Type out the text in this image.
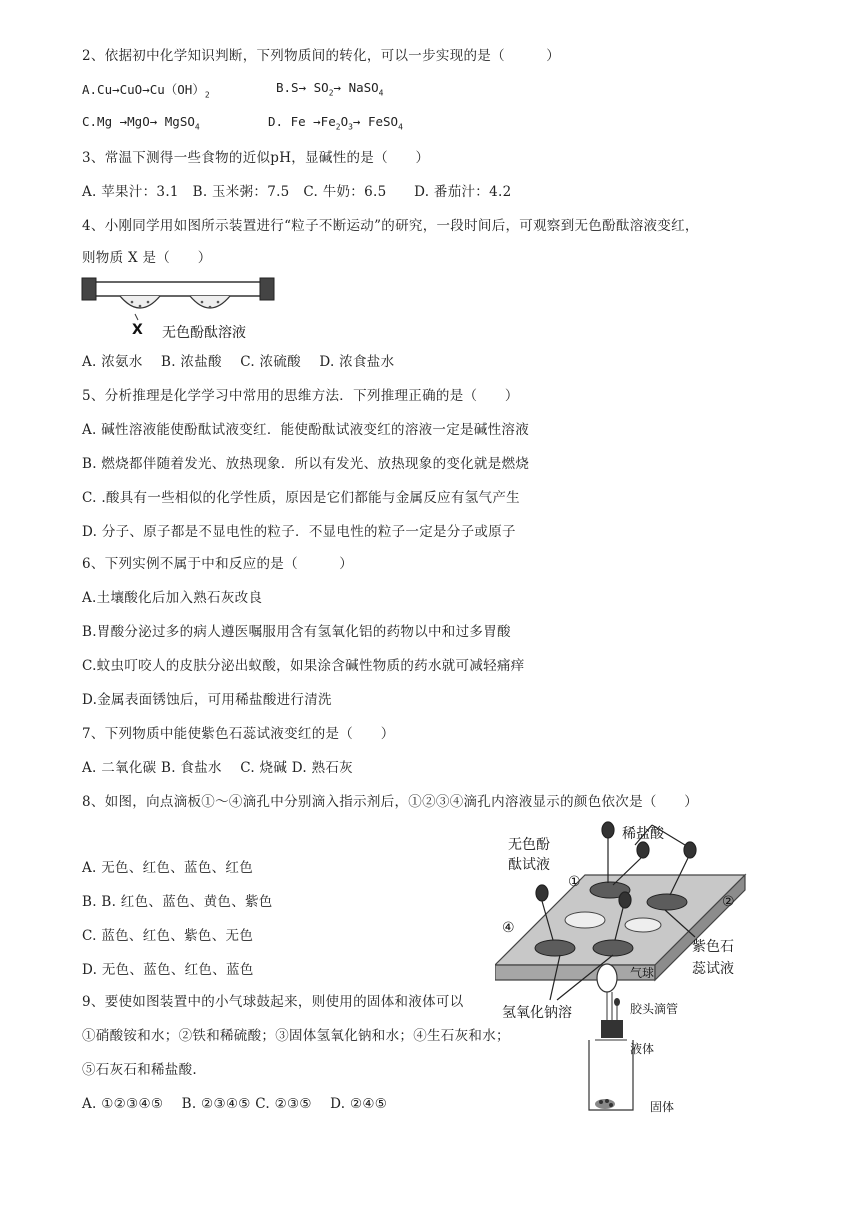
2、依据初中化学知识判断，下列物质间的转化，可以一步实现的是（　　　）
$A.Cu\to CuO\to Cu(OH)_2$	$B.S\to SO_2\to$ NaSO$_4$
C.Mg →MgO→ MgSO$_4$	D. $Fe \to Fe_2O_3\to$ FeSO$_4$
3、常温下测得一些食物的近似pH，显碱性的是（　　）
A. 苹果汁：3.1　B. 玉米粥：7.5　C. 牛奶：6.5　　D. 番茄汁：4.2
4、小刚同学用如图所示装置进行“粒子不断运动”的研究，一段时间后，可观察到无色酚酞溶液变红，
则物质 X 是（　　）
X 无色酚酞溶液
A. 浓氨水　 B. 浓盐酸　 C. 浓硫酸　 D. 浓食盐水
5、分析推理是化学学习中常用的思维方法．下列推理正确的是（　　）
A. 碱性溶液能使酚酞试液变红．能使酚酞试液变红的溶液一定是碱性溶液
B. 燃烧都伴随着发光、放热现象．所以有发光、放热现象的变化就是燃烧
C. .酸具有一些相似的化学性质，原因是它们都能与金属反应有氢气产生
D. 分子、原子都是不显电性的粒子．不显电性的粒子一定是分子或原子
6、下列实例不属于中和反应的是（　　　）
A.土壤酸化后加入熟石灰改良
B.胃酸分泌过多的病人遵医嘱服用含有氢氧化铝的药物以中和过多胃酸
C.蚊虫叮咬人的皮肤分泌出蚁酸，如果涂含碱性物质的药水就可减轻痛痒
D.金属表面锈蚀后，可用稀盐酸进行清洗
7、下列物质中能使紫色石蕊试液变红的是（　　）
A. 二氧化碳 B. 食盐水　 C. 烧碱 D. 熟石灰
8、如图，向点滴板①～④滴孔中分别滴入指示剂后，①②③④滴孔内溶液显示的颜色依次是（　　）
A. 无色、红色、蓝色、红色
B. B. 红色、蓝色、黄色、紫色
C. 蓝色、红色、紫色、无色
D. 无色、蓝色、红色、蓝色
无色酚
酞试液
稀盐酸
①
②
④
紫色石
蕊试液
氢氧化钠溶
9、要使如图装置中的小气球鼓起来，则使用的固体和液体可以
①硝酸铵和水；②铁和稀硫酸；③固体氢氧化钠和水；④生石灰和水；
⑤石灰石和稀盐酸.
A. ①②③④⑤　 B. ②③④⑤ C. ②③⑤　 D. ②④⑤
气球
胶头滴管
液体
固体
